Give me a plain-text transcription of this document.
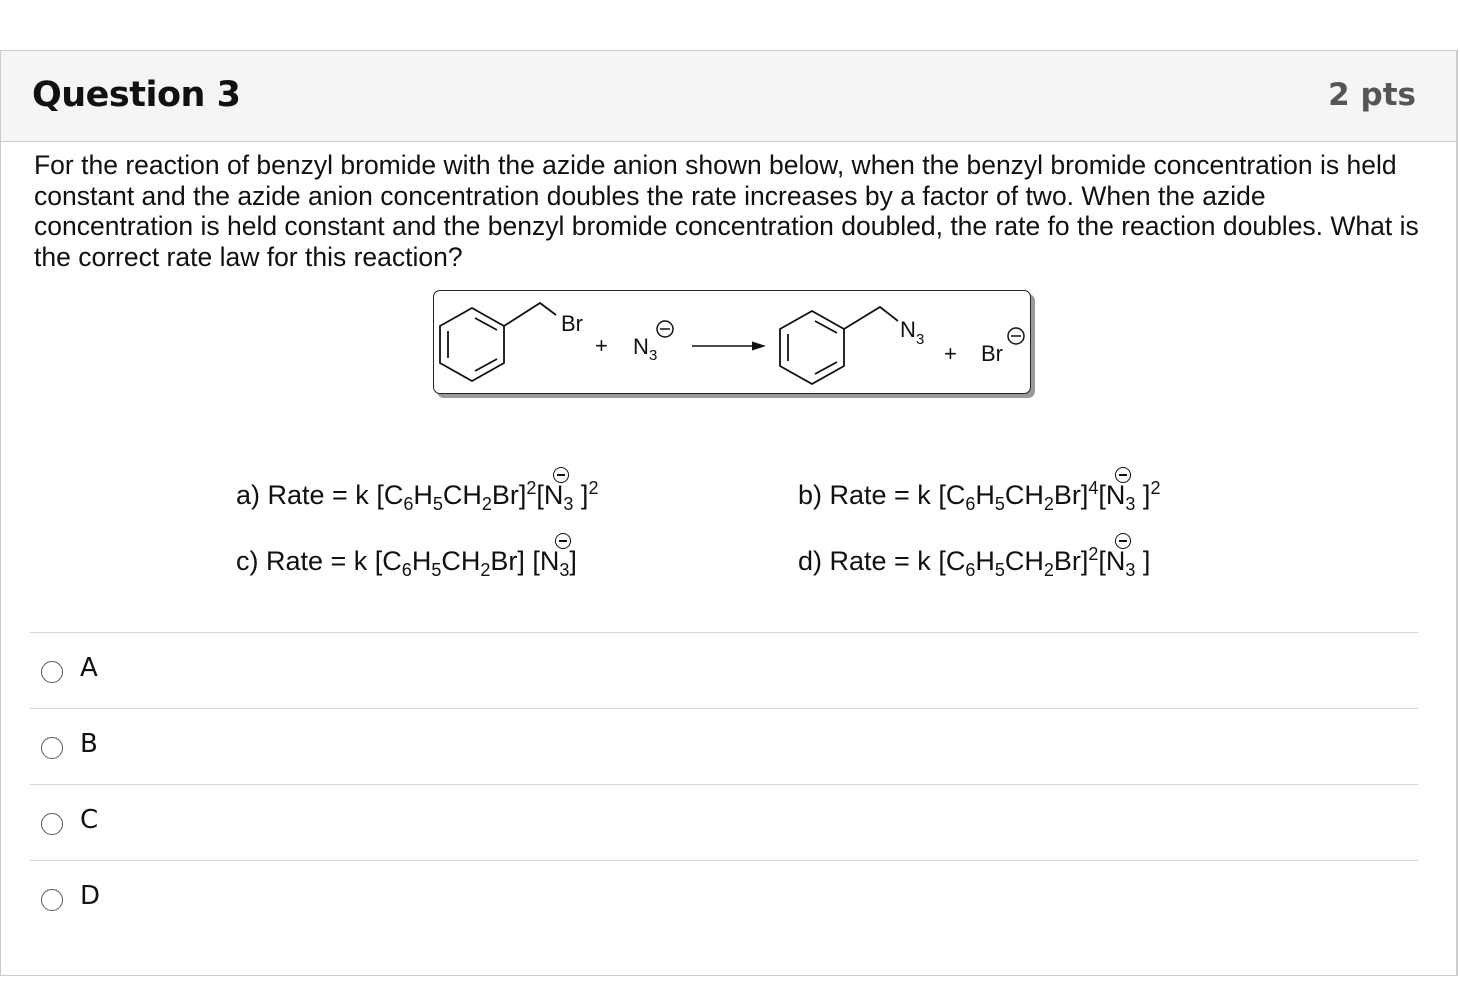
Question 3	2 pts
For the reaction of benzyl bromide with the azide anion shown below, when the benzyl bromide concentration is held constant and the azide anion concentration doubles the rate increases by a factor of two. When the azide concentration is held constant and the benzyl bromide concentration doubled, the rate fo the reaction doubles. What is the correct rate law for this reaction?
Br
+ N 3
N 3
+ Br
a) Rate = k $[C_6H_5CH_2Br]^2[N_3$
]$^2$	b) Rate = k $[C_6H_5CH_2Br]^4[N_3$
]$^2$
c) Rate = k $[C_6H_5CH_2Br]$ [$N_3$
]	d) Rate = k $[C_6H_5CH_2Br]^2[N_3$
]
A
B
C
D
